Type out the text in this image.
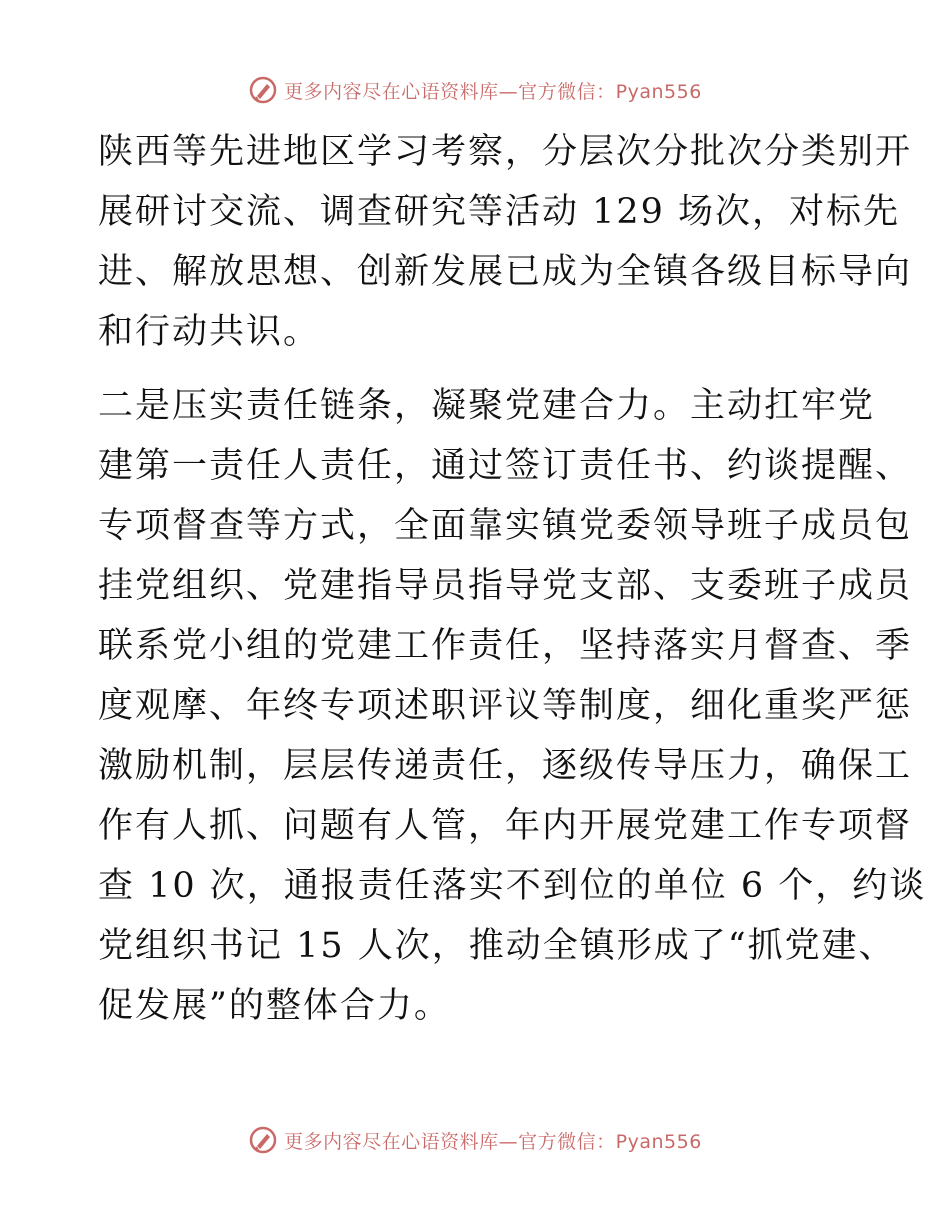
更多内容尽在心语资料库—官方微信：Pyan556
陕西等先进地区学习考察，分层次分批次分类别开
展研讨交流、调查研究等活动 129 场次，对标先
进、解放思想、创新发展已成为全镇各级目标导向
和行动共识。
二是压实责任链条，凝聚党建合力。主动扛牢党
建第一责任人责任，通过签订责任书、约谈提醒、
专项督查等方式，全面靠实镇党委领导班子成员包
挂党组织、党建指导员指导党支部、支委班子成员
联系党小组的党建工作责任，坚持落实月督查、季
度观摩、年终专项述职评议等制度，细化重奖严惩
激励机制，层层传递责任，逐级传导压力，确保工
作有人抓、问题有人管，年内开展党建工作专项督
查 10 次，通报责任落实不到位的单位 6 个，约谈
党组织书记 15 人次，推动全镇形成了“抓党建、
促发展”的整体合力。
更多内容尽在心语资料库—官方微信：Pyan556
